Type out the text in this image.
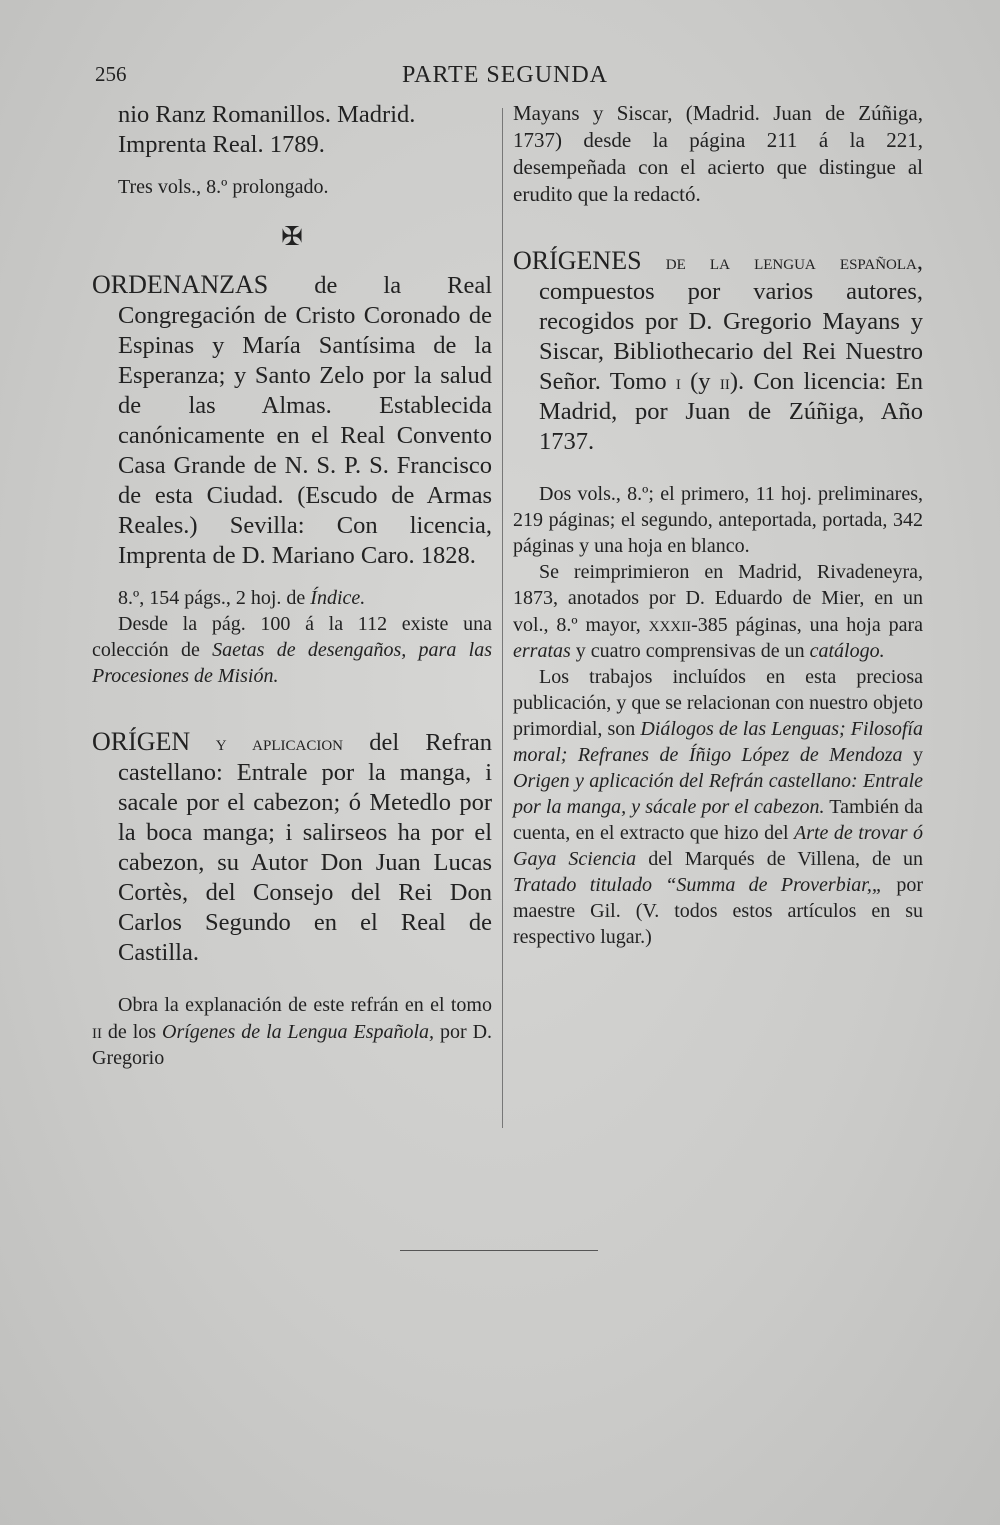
256	PARTE SEGUNDA

nio Ranz Romanillos. Madrid.
Imprenta Real. 1789.

Tres vols., 8.º prolongado.

✠

ORDENANZAS de la Real Congregación de Cristo Coronado de Espinas y María Santísima de la Esperanza; y Santo Zelo por la salud de las Almas. Establecida canónicamente en el Real Convento Casa Grande de N. S. P. S. Francisco de esta Ciudad. (Escudo de Armas Reales.) Sevilla: Con licencia, Imprenta de D. Mariano Caro. 1828.

8.º, 154 págs., 2 hoj. de Índice.

Desde la pág. 100 á la 112 existe una colección de Saetas de desengaños, para las Procesiones de Misión.

ORÍGEN y aplicacion del Refran castellano: Entrale por la manga, i sacale por el cabezon; ó Metedlo por la boca manga; i salirseos ha por el cabezon, su Autor Don Juan Lucas Cortès, del Consejo del Rei Don Carlos Segundo en el Real de Castilla.

Obra la explanación de este refrán en el tomo ii de los Orígenes de la Lengua Española, por D. Gregorio

Mayans y Siscar, (Madrid. Juan de Zúñiga, 1737) desde la página 211 á la 221, desempeñada con el acierto que distingue al erudito que la redactó.

ORÍGENES de la lengua española, compuestos por varios autores, recogidos por D. Gregorio Mayans y Siscar, Bibliothecario del Rei Nuestro Señor. Tomo i (y ii). Con licencia: En Madrid, por Juan de Zúñiga, Año 1737.

Dos vols., 8.º; el primero, 11 hoj. preliminares, 219 páginas; el segundo, anteportada, portada, 342 páginas y una hoja en blanco.

Se reimprimieron en Madrid, Rivadeneyra, 1873, anotados por D. Eduardo de Mier, en un vol., 8.º mayor, xxxii-385 páginas, una hoja para erratas y cuatro comprensivas de un catálogo.

Los trabajos incluídos en esta preciosa publicación, y que se relacionan con nuestro objeto primordial, son Diálogos de las Lenguas; Filosofía moral; Refranes de Íñigo López de Mendoza y Origen y aplicación del Refrán castellano: Entrale por la manga, y sácale por el cabezon. También da cuenta, en el extracto que hizo del Arte de trovar ó Gaya Sciencia del Marqués de Villena, de un Tratado titulado “Summa de Proverbiar,„ por maestre Gil. (V. todos estos artículos en su respectivo lugar.)
